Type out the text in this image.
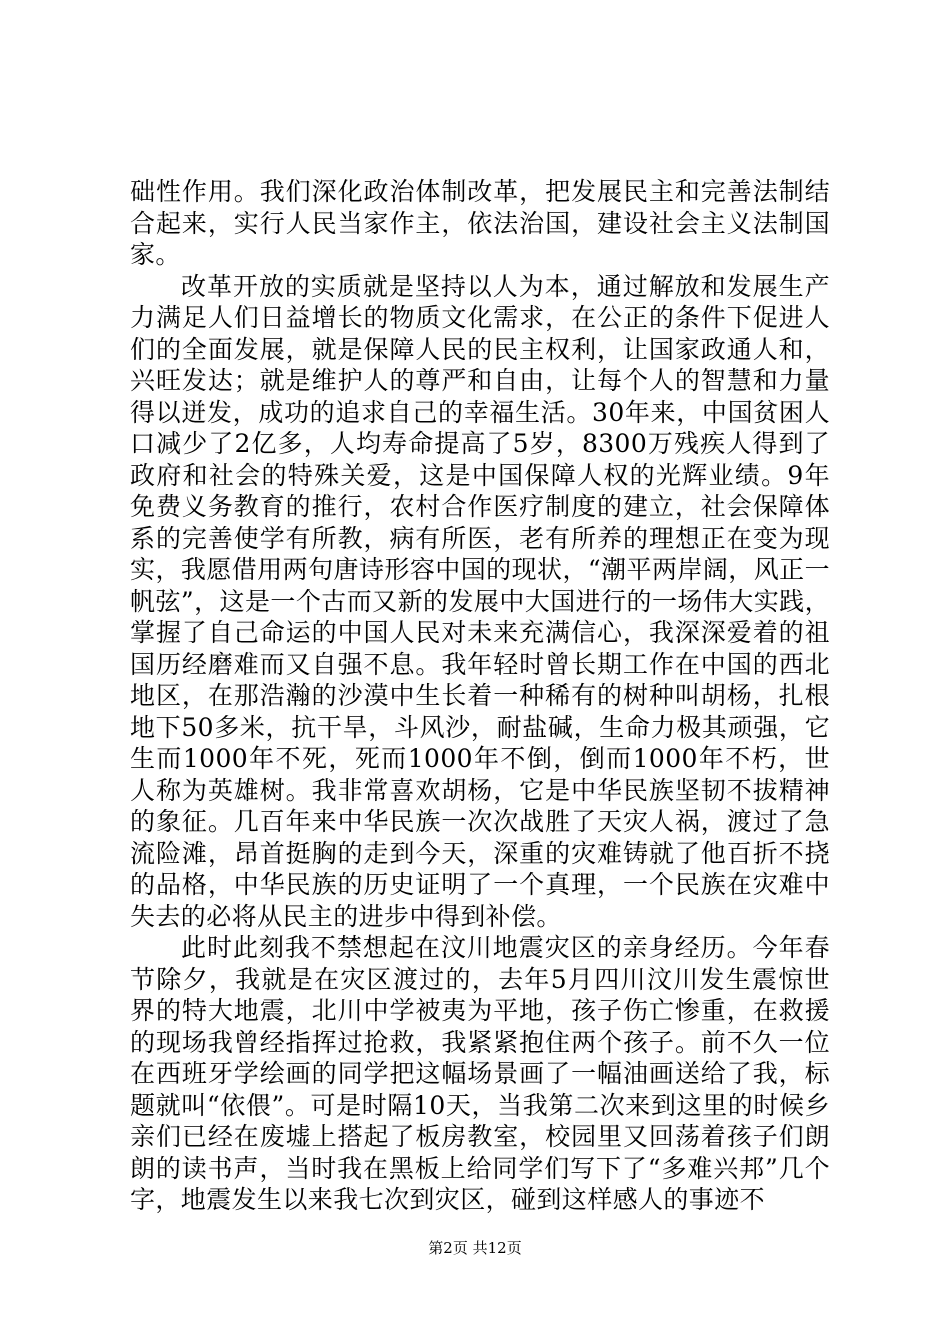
础性作用。我们深化政治体制改革，把发展民主和完善法制结合起来，实行人民当家作主，依法治国，建设社会主义法制国家。

改革开放的实质就是坚持以人为本，通过解放和发展生产力满足人们日益增长的物质文化需求，在公正的条件下促进人们的全面发展，就是保障人民的民主权利，让国家政通人和，兴旺发达；就是维护人的尊严和自由，让每个人的智慧和力量得以迸发，成功的追求自己的幸福生活。30年来，中国贫困人口减少了2亿多，人均寿命提高了5岁，8300万残疾人得到了政府和社会的特殊关爱，这是中国保障人权的光辉业绩。9年免费义务教育的推行，农村合作医疗制度的建立，社会保障体系的完善使学有所教，病有所医，老有所养的理想正在变为现实，我愿借用两句唐诗形容中国的现状，“潮平两岸阔，风正一帆弦”，这是一个古而又新的发展中大国进行的一场伟大实践，掌握了自己命运的中国人民对未来充满信心，我深深爱着的祖国历经磨难而又自强不息。我年轻时曾长期工作在中国的西北地区，在那浩瀚的沙漠中生长着一种稀有的树种叫胡杨，扎根地下50多米，抗干旱，斗风沙，耐盐碱，生命力极其顽强，它生而1000年不死，死而1000年不倒，倒而1000年不朽，世人称为英雄树。我非常喜欢胡杨，它是中华民族坚韧不拔精神的象征。几百年来中华民族一次次战胜了天灾人祸，渡过了急流险滩，昂首挺胸的走到今天，深重的灾难铸就了他百折不挠的品格，中华民族的历史证明了一个真理，一个民族在灾难中失去的必将从民主的进步中得到补偿。

此时此刻我不禁想起在汶川地震灾区的亲身经历。今年春节除夕，我就是在灾区渡过的，去年5月四川汶川发生震惊世界的特大地震，北川中学被夷为平地，孩子伤亡惨重，在救援的现场我曾经指挥过抢救，我紧紧抱住两个孩子。前不久一位在西班牙学绘画的同学把这幅场景画了一幅油画送给了我，标题就叫“依偎”。可是时隔10天，当我第二次来到这里的时候乡亲们已经在废墟上搭起了板房教室，校园里又回荡着孩子们朗朗的读书声，当时我在黑板上给同学们写下了“多难兴邦”几个字，地震发生以来我七次到灾区，碰到这样感人的事迹不

第2页 共12页
